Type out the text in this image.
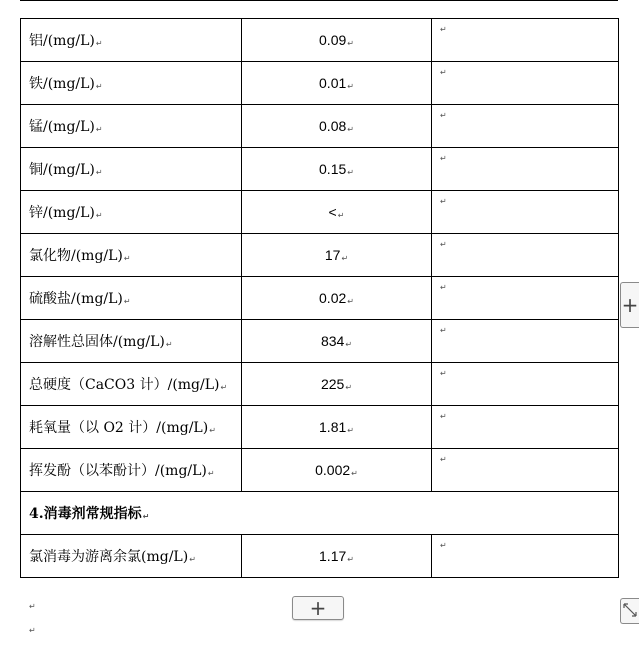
铝/(mg/L)↵	0.09↵	↵
铁/(mg/L)↵	0.01↵	↵
锰/(mg/L)↵	0.08↵	↵
铜/(mg/L)↵	0.15↵	↵
锌/(mg/L)↵	<↵	↵
氯化物/(mg/L)↵	17↵	↵
硫酸盐/(mg/L)↵	0.02↵	↵
溶解性总固体/(mg/L)↵	834↵	↵
总硬度（CaCO3 计）/(mg/L)↵	225↵	↵
耗氧量（以 O2 计）/(mg/L)↵	1.81↵	↵
挥发酚（以苯酚计）/(mg/L)↵	0.002↵	↵
4.消毒剂常规指标↵		
氯消毒为游离余氯(mg/L)↵	1.17↵	↵
+
+
↵
↵
